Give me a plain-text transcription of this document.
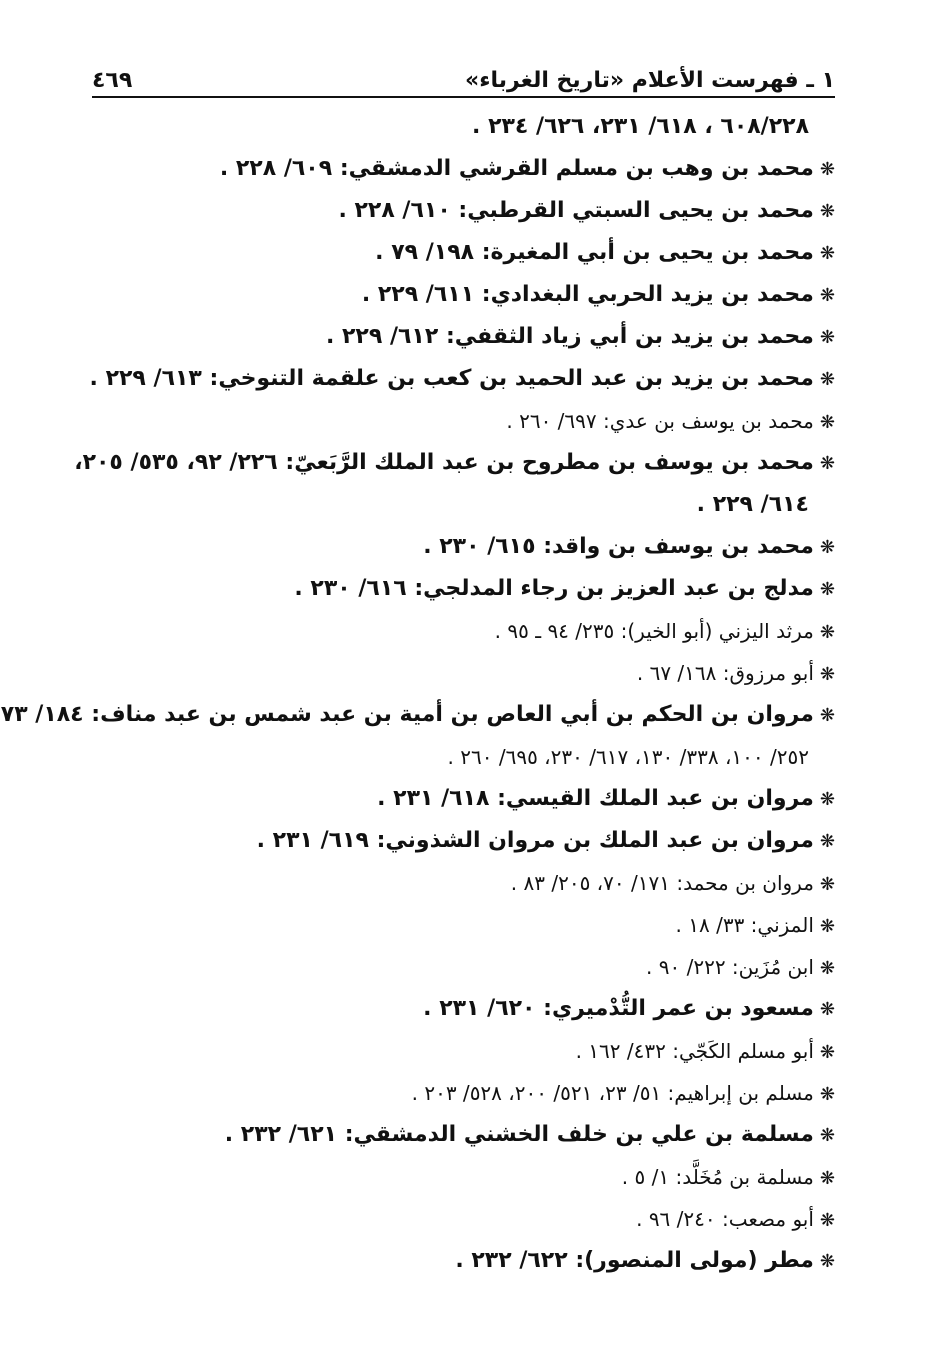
١ ـ فهرست الأعلام «تاريخ الغرباء»
٤٦٩
٦٠٨/٢٢٨ ، ٦١٨/ ٢٣١، ٦٢٦/ ٢٣٤ .
❋محمد بن وهب بن مسلم القرشي الدمشقي: ٦٠٩/ ٢٢٨ .
❋محمد بن يحيى السبتي القرطبي: ٦١٠/ ٢٢٨ .
❋محمد بن يحيى بن أبي المغيرة: ١٩٨/ ٧٩ .
❋محمد بن يزيد الحربي البغدادي: ٦١١/ ٢٢٩ .
❋محمد بن يزيد بن أبي زياد الثقفي: ٦١٢/ ٢٢٩ .
❋محمد بن يزيد بن عبد الحميد بن كعب بن علقمة التنوخي: ٦١٣/ ٢٢٩ .
❋محمد بن يوسف بن عدي: ٦٩٧/ ٢٦٠ .
❋محمد بن يوسف بن مطروح بن عبد الملك الرَّبَعيّ: ٢٢٦/ ٩٢، ٥٣٥/ ٢٠٥،
٦١٤/ ٢٢٩ .
❋محمد بن يوسف بن واقد: ٦١٥/ ٢٣٠ .
❋مدلج بن عبد العزيز بن رجاء المدلجي: ٦١٦/ ٢٣٠ .
❋مرثد اليزني (أبو الخير): ٢٣٥/ ٩٤ ـ ٩٥ .
❋أبو مرزوق: ١٦٨/ ٦٧ .
❋مروان بن الحكم بن أبي العاص بن أمية بن عبد شمس بن عبد مناف: ١٨٤/ ٧٣
٢٥٢/ ١٠٠، ٣٣٨/ ١٣٠، ٦١٧/ ٢٣٠، ٦٩٥/ ٢٦٠ .
❋مروان بن عبد الملك القيسي: ٦١٨/ ٢٣١ .
❋مروان بن عبد الملك بن مروان الشذوني: ٦١٩/ ٢٣١ .
❋مروان بن محمد: ١٧١/ ٧٠، ٢٠٥/ ٨٣ .
❋المزني: ٣٣/ ١٨ .
❋ابن مُزَين: ٢٢٢/ ٩٠ .
❋مسعود بن عمر التُّدْميري: ٦٢٠/ ٢٣١ .
❋أبو مسلم الكَجّي: ٤٣٢/ ١٦٢ .
❋مسلم بن إبراهيم: ٥١/ ٢٣، ٥٢١/ ٢٠٠، ٥٢٨/ ٢٠٣ .
❋مسلمة بن علي بن خلف الخشني الدمشقي: ٦٢١/ ٢٣٢ .
❋مسلمة بن مُخَلَّد: ١/ ٥ .
❋أبو مصعب: ٢٤٠/ ٩٦ .
❋مطر (مولى المنصور): ٦٢٢/ ٢٣٢ .
